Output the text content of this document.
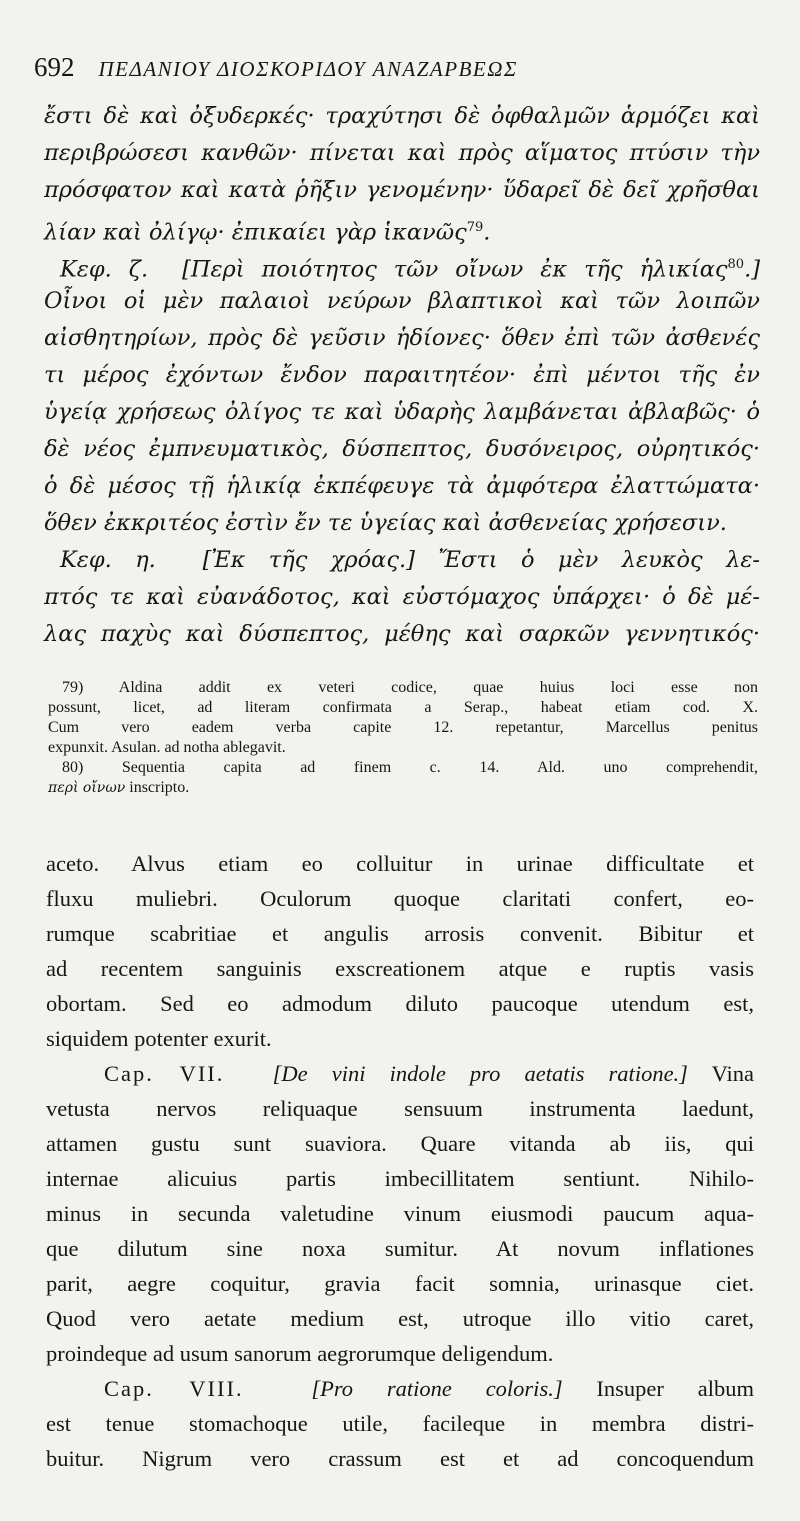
692 ΠΕΔΑΝΙΟΥ ΔΙΟΣΚΟΡΙΔΟΥ ΑΝΑΖΑΡΒΕΩΣ
ἔστι δὲ καὶ ὀξυδερκές· τραχύτησι δὲ ὀφθαλμῶν ἁρμόζει καὶ
περιβρώσεσι κανθῶν· πίνεται καὶ πρὸς αἵματος πτύσιν τὴν
πρόσφατον καὶ κατὰ ῥῆξιν γενομένην· ὕδαρεῖ δὲ δεῖ χρῆσθαι
λίαν καὶ ὀλίγῳ· ἐπικαίει γὰρ ἱκανῶς$^{79}$.
Κεφ. ζ. [Περὶ ποιότητος τῶν οἴνων ἐκ τῆς ἡλικίας$^{80}$.]
Οἶνοι οἱ μὲν παλαιοὶ νεύρων βλαπτικοὶ καὶ τῶν λοιπῶν
αἰσθητηρίων, πρὸς δὲ γεῦσιν ἡδίονες· ὅθεν ἐπὶ τῶν ἀσθενές
τι μέρος ἐχόντων ἔνδον παραιτητέον· ἐπὶ μέντοι τῆς ἐν
ὑγείᾳ χρήσεως ὀλίγος τε καὶ ὑδαρὴς λαμβάνεται ἀβλαβῶς· ὁ
δὲ νέος ἐμπνευματικὸς, δύσπεπτος, δυσόνειρος, οὐρητικός·
ὁ δὲ μέσος τῇ ἡλικίᾳ ἐκπέφευγε τὰ ἀμφότερα ἐλαττώματα·
ὅθεν ἐκκριτέος ἐστὶν ἔν τε ὑγείας καὶ ἀσθενείας χρήσεσιν.
Κεφ. η. [Ἐκ τῆς χρόας.] Ἔστι ὁ μὲν λευκὸς λε-
πτός τε καὶ εὐανάδοτος, καὶ εὐστόμαχος ὑπάρχει· ὁ δὲ μέ-
λας παχὺς καὶ δύσπεπτος, μέθης καὶ σαρκῶν γεννητικός·
79) Aldina addit ex veteri codice, quae huius loci esse non
possunt, licet, ad literam confirmata a Serap., habeat etiam cod. X.
Cum vero eadem verba capite 12. repetantur, Marcellus penitus
expunxit. Asulan. ad notha ablegavit.
80) Sequentia capita ad finem c. 14. Ald. uno comprehendit,
περὶ οἴνων inscripto.
aceto. Alvus etiam eo colluitur in urinae difficultate et
fluxu muliebri. Oculorum quoque claritati confert, eo-
rumque scabritiae et angulis arrosis convenit. Bibitur et
ad recentem sanguinis exscreationem atque e ruptis vasis
obortam. Sed eo admodum diluto paucoque utendum est,
siquidem potenter exurit.
Cap. VII. [De vini indole pro aetatis ratione.] Vina
vetusta nervos reliquaque sensuum instrumenta laedunt,
attamen gustu sunt suaviora. Quare vitanda ab iis, qui
internae alicuius partis imbecillitatem sentiunt. Nihilo-
minus in secunda valetudine vinum eiusmodi paucum aqua-
que dilutum sine noxa sumitur. At novum inflationes
parit, aegre coquitur, gravia facit somnia, urinasque ciet.
Quod vero aetate medium est, utroque illo vitio caret,
proindeque ad usum sanorum aegrorumque deligendum.
Cap. VIII.	[Pro ratione coloris.] Insuper album
est tenue stomachoque utile, facileque in membra distri-
buitur. Nigrum vero crassum est et ad concoquendum
